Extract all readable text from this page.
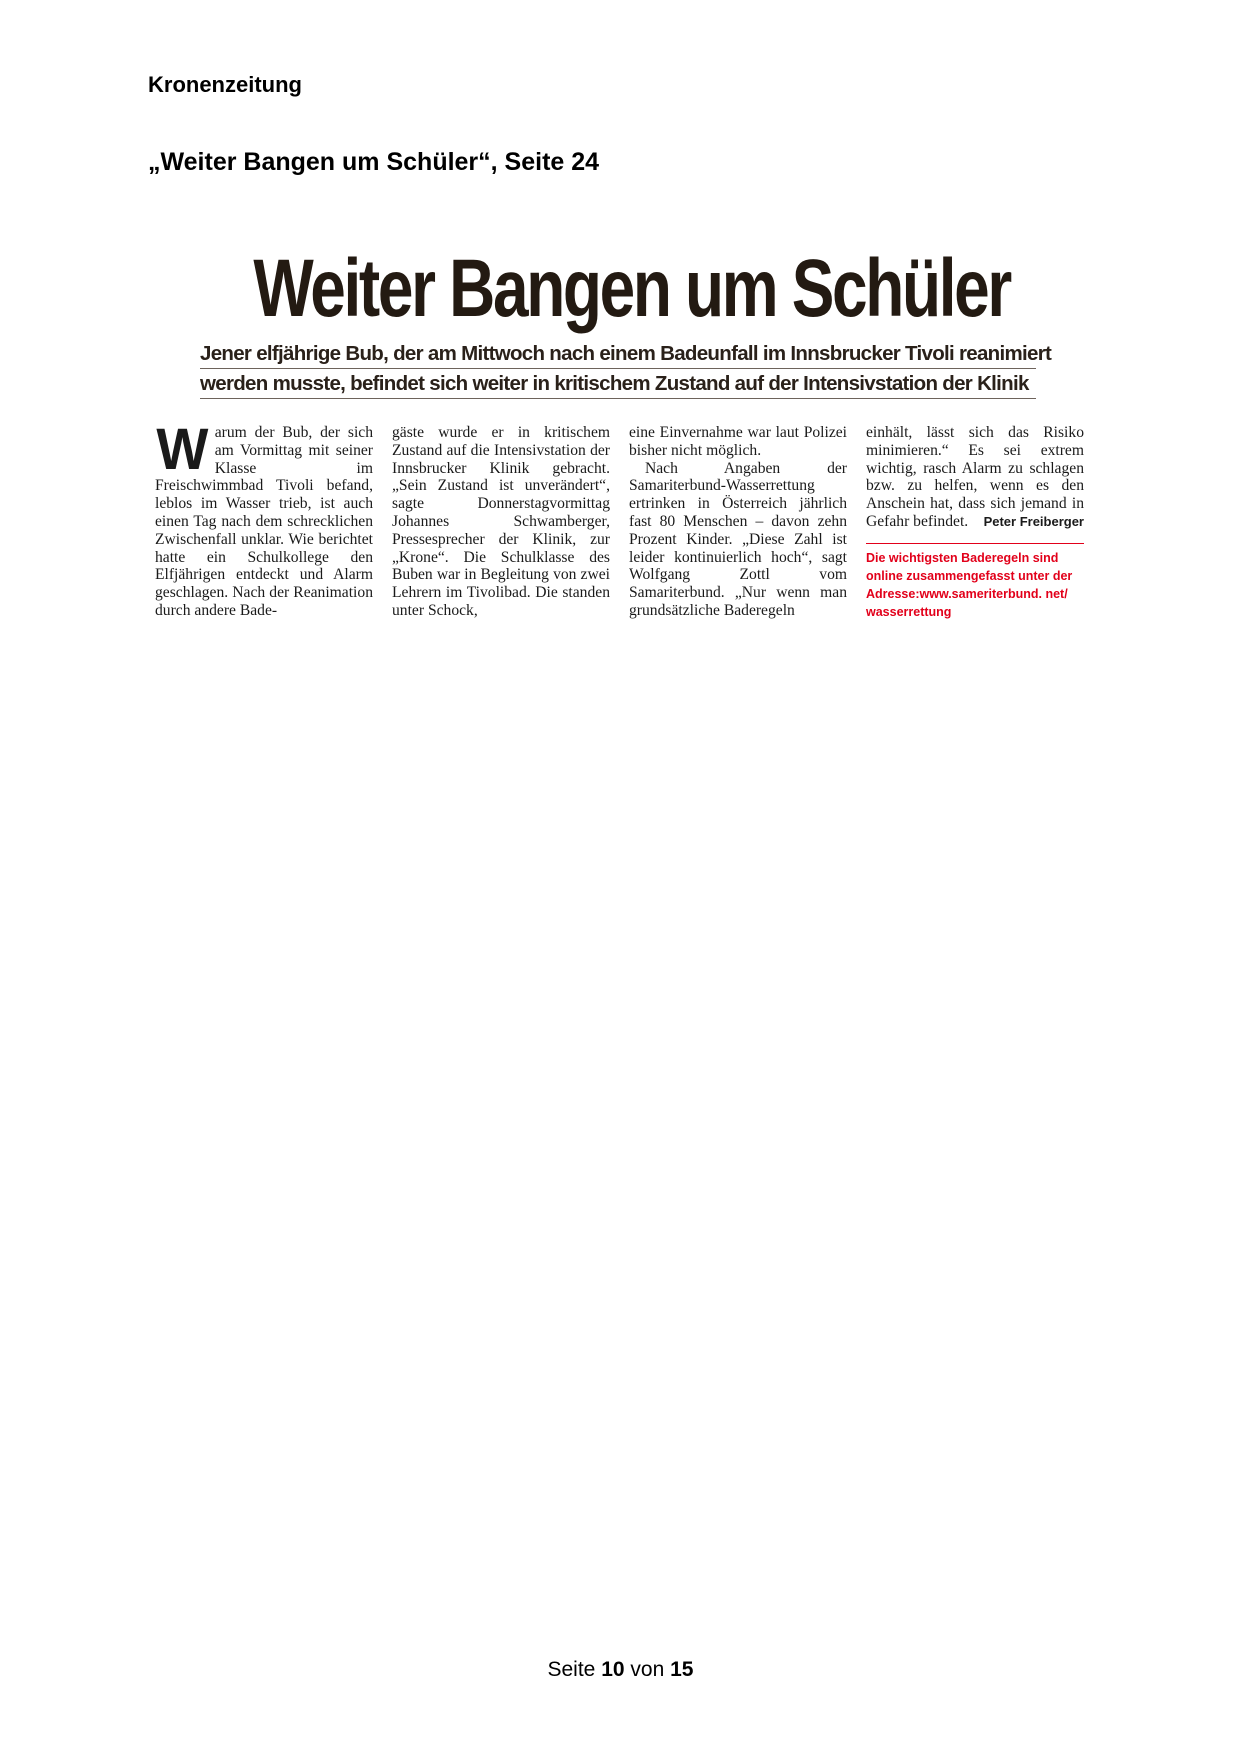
Kronenzeitung
„Weiter Bangen um Schüler“, Seite 24
Weiter Bangen um Schüler
Jener elfjährige Bub, der am Mittwoch nach einem Badeunfall im Innsbrucker Tivoli reanimiert
werden musste, befindet sich weiter in kritischem Zustand auf der Intensivstation der Klinik
W arum der Bub, der sich am Vormittag mit seiner Klasse im Freischwimmbad Tivoli befand, leblos im Wasser trieb, ist auch einen Tag nach dem schrecklichen Zwischenfall unklar. Wie berichtet hatte ein Schulkollege den Elfjährigen entdeckt und Alarm geschlagen. Nach der Reanimation durch andere Bade-

gäste wurde er in kritischem Zustand auf die Intensivstation der Innsbrucker Klinik gebracht. „Sein Zustand ist unverändert“, sagte Donnerstagvormittag Johannes Schwamberger, Pressesprecher der Klinik, zur „Krone“. Die Schulklasse des Buben war in Begleitung von zwei Lehrern im Tivolibad. Die standen unter Schock,

eine Einvernahme war laut Polizei bisher nicht möglich.

Nach Angaben der Samariterbund-Wasserrettung ertrinken in Österreich jährlich fast 80 Menschen – davon zehn Prozent Kinder. „Diese Zahl ist leider kontinuierlich hoch“, sagt Wolfgang Zottl vom Samariterbund. „Nur wenn man grundsätzliche Baderegeln

einhält, lässt sich das Risiko minimieren.“ Es sei extrem wichtig, rasch Alarm zu schlagen bzw. zu helfen, wenn es den Anschein hat, dass sich jemand in Gefahr befindet. Peter Freiberger

Die wichtigsten Baderegeln sind online zusammengefasst unter der Adresse:www.sameriterbund. net/ wasserrettung
Seite 10 von 15
